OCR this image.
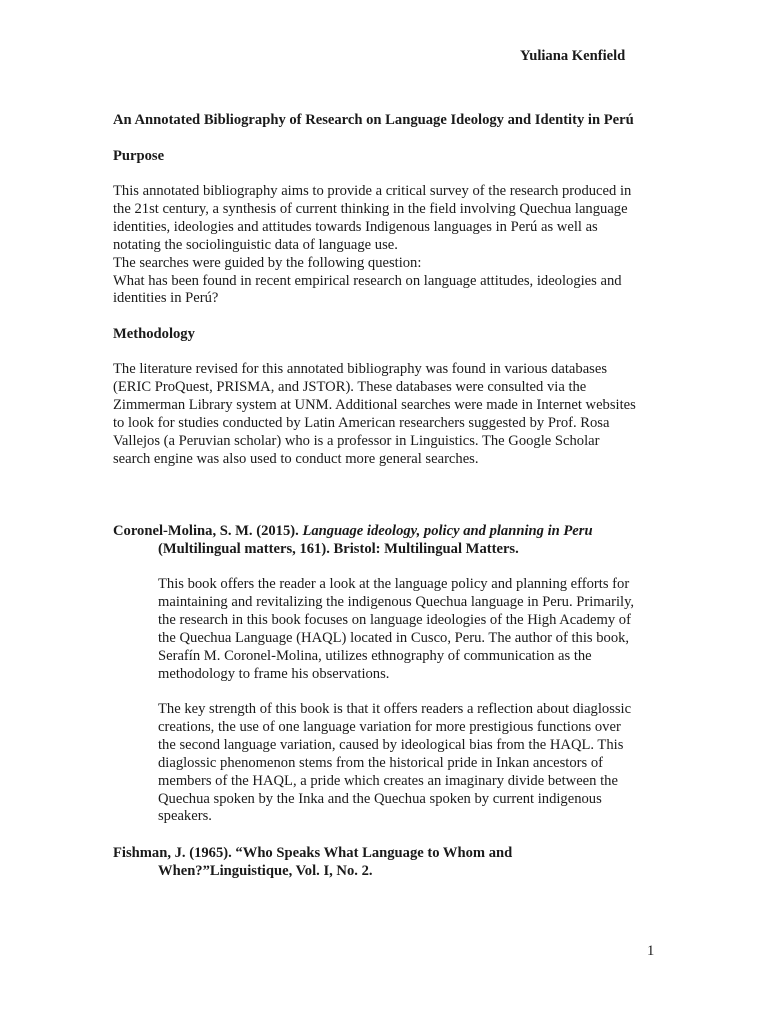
Yuliana Kenfield
An Annotated Bibliography of Research on Language Ideology and Identity in Perú
Purpose
This annotated bibliography aims to provide a critical survey of the research produced in
the 21st century, a synthesis of current thinking in the field involving Quechua language
identities, ideologies and attitudes towards Indigenous languages in Perú as well as
notating the sociolinguistic data of language use.
The searches were guided by the following question:
What has been found in recent empirical research on language attitudes, ideologies and
identities in Perú?
Methodology
The literature revised for this annotated bibliography was found in various databases
(ERIC ProQuest, PRISMA, and JSTOR). These databases were consulted via the
Zimmerman Library system at UNM. Additional searches were made in Internet websites
to look for studies conducted by Latin American researchers suggested by Prof. Rosa
Vallejos (a Peruvian scholar) who is a professor in Linguistics. The Google Scholar
search engine was also used to conduct more general searches.
Coronel-Molina, S. M. (2015). Language ideology, policy and planning in Peru
(Multilingual matters, 161). Bristol: Multilingual Matters.
This book offers the reader a look at the language policy and planning efforts for
maintaining and revitalizing the indigenous Quechua language in Peru. Primarily,
the research in this book focuses on language ideologies of the High Academy of
the Quechua Language (HAQL) located in Cusco, Peru. The author of this book,
Serafín M. Coronel-Molina, utilizes ethnography of communication as the
methodology to frame his observations.
The key strength of this book is that it offers readers a reflection about diaglossic
creations, the use of one language variation for more prestigious functions over
the second language variation, caused by ideological bias from the HAQL. This
diaglossic phenomenon stems from the historical pride in Inkan ancestors of
members of the HAQL, a pride which creates an imaginary divide between the
Quechua spoken by the Inka and the Quechua spoken by current indigenous
speakers.
Fishman, J. (1965). “Who Speaks What Language to Whom and
When?”Linguistique, Vol. I, No. 2.
1
